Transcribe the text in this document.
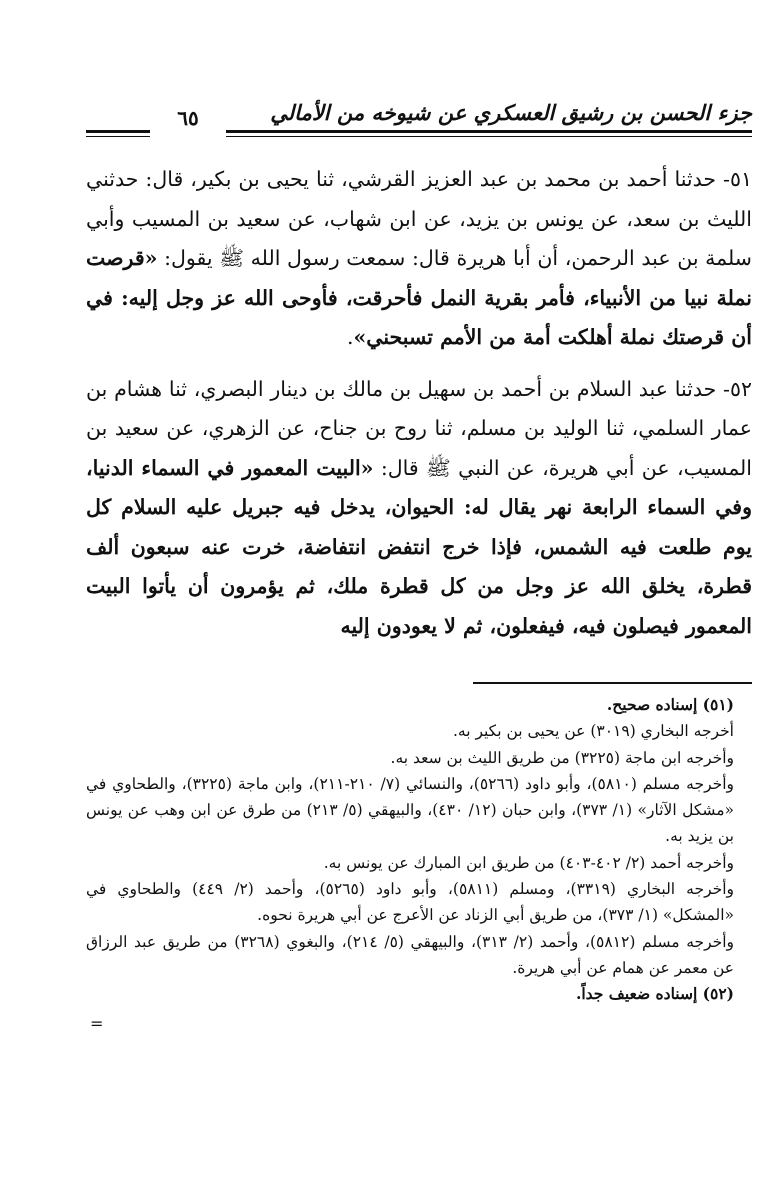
جزء الحسن بن رشيق العسكري عن شيوخه من الأمالي
٦٥

٥١- حدثنا أحمد بن محمد بن عبد العزيز القرشي، ثنا يحيى بن بكير، قال: حدثني الليث بن سعد، عن يونس بن يزيد، عن ابن شهاب، عن سعيد بن المسيب وأبي سلمة بن عبد الرحمن، أن أبا هريرة قال: سمعت رسول الله ﷺ يقول: «قرصت نملة نبيا من الأنبياء، فأمر بقرية النمل فأحرقت، فأوحى الله عز وجل إليه: في أن قرصتك نملة أهلكت أمة من الأمم تسبحني».

٥٢- حدثنا عبد السلام بن أحمد بن سهيل بن مالك بن دينار البصري، ثنا هشام بن عمار السلمي، ثنا الوليد بن مسلم، ثنا روح بن جناح، عن الزهري، عن سعيد بن المسيب، عن أبي هريرة، عن النبي ﷺ قال: «البيت المعمور في السماء الدنيا، وفي السماء الرابعة نهر يقال له: الحيوان، يدخل فيه جبريل عليه السلام كل يوم طلعت فيه الشمس، فإذا خرج انتفض انتفاضة، خرت عنه سبعون ألف قطرة، يخلق الله عز وجل من كل قطرة ملك، ثم يؤمرون أن يأتوا البيت المعمور فيصلون فيه، فيفعلون، ثم لا يعودون إليه

(٥١) إسناده صحيح.

أخرجه البخاري (٣٠١٩) عن يحيى بن بكير به.

وأخرجه ابن ماجة (٣٢٢٥) من طريق الليث بن سعد به.

وأخرجه مسلم (٥٨١٠)، وأبو داود (٥٢٦٦)، والنسائي (٧/ ٢١٠-٢١١)، وابن ماجة (٣٢٢٥)، والطحاوي في «مشكل الآثار» (١/ ٣٧٣)، وابن حبان (١٢/ ٤٣٠)، والبيهقي (٥/ ٢١٣) من طرق عن ابن وهب عن يونس بن يزيد به.

وأخرجه أحمد (٢/ ٤٠٢-٤٠٣) من طريق ابن المبارك عن يونس به.

وأخرجه البخاري (٣٣١٩)، ومسلم (٥٨١١)، وأبو داود (٥٢٦٥)، وأحمد (٢/ ٤٤٩) والطحاوي في «المشكل» (١/ ٣٧٣)، من طريق أبي الزناد عن الأعرج عن أبي هريرة نحوه.

وأخرجه مسلم (٥٨١٢)، وأحمد (٢/ ٣١٣)، والبيهقي (٥/ ٢١٤)، والبغوي (٣٢٦٨) من طريق عبد الرزاق عن معمر عن همام عن أبي هريرة.

(٥٢) إسناده ضعيف جداً.

=
